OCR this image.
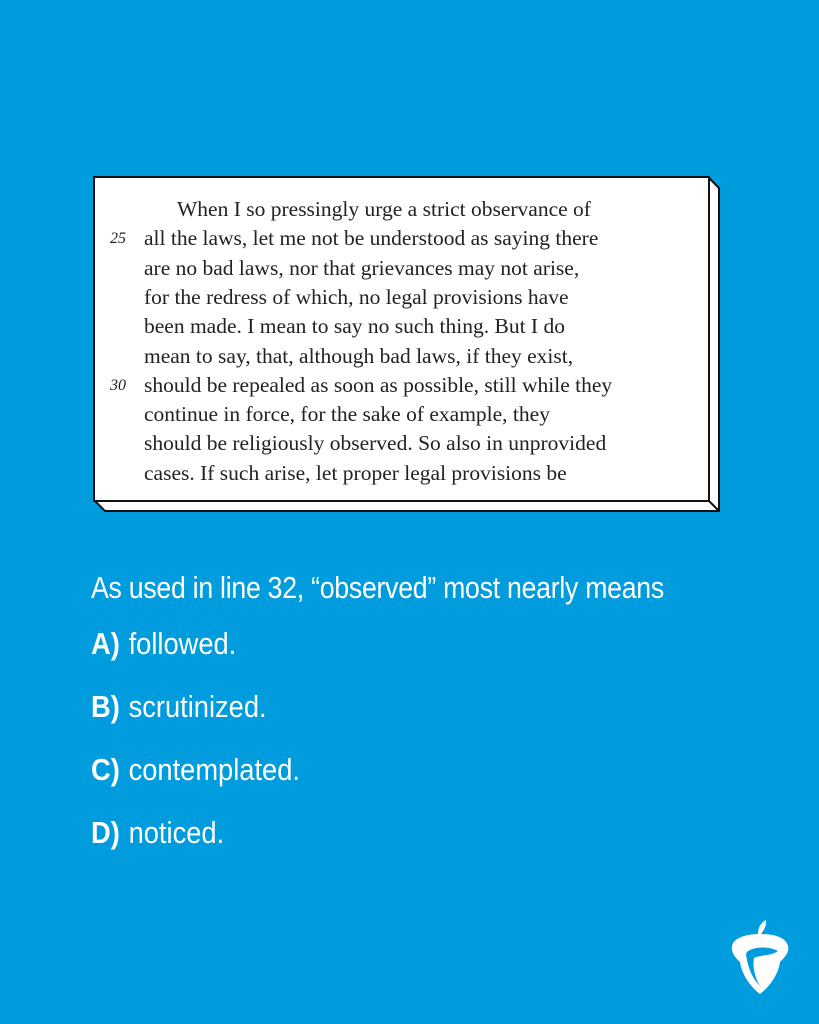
When I so pressingly urge a strict observance of
25 all the laws, let me not be understood as saying there
are no bad laws, nor that grievances may not arise,
for the redress of which, no legal provisions have
been made. I mean to say no such thing. But I do
mean to say, that, although bad laws, if they exist,
30 should be repealed as soon as possible, still while they
continue in force, for the sake of example, they
should be religiously observed. So also in unprovided
cases. If such arise, let proper legal provisions be
As used in line 32, “observed” most nearly means
A) followed.
B) scrutinized.
C) contemplated.
D) noticed.
